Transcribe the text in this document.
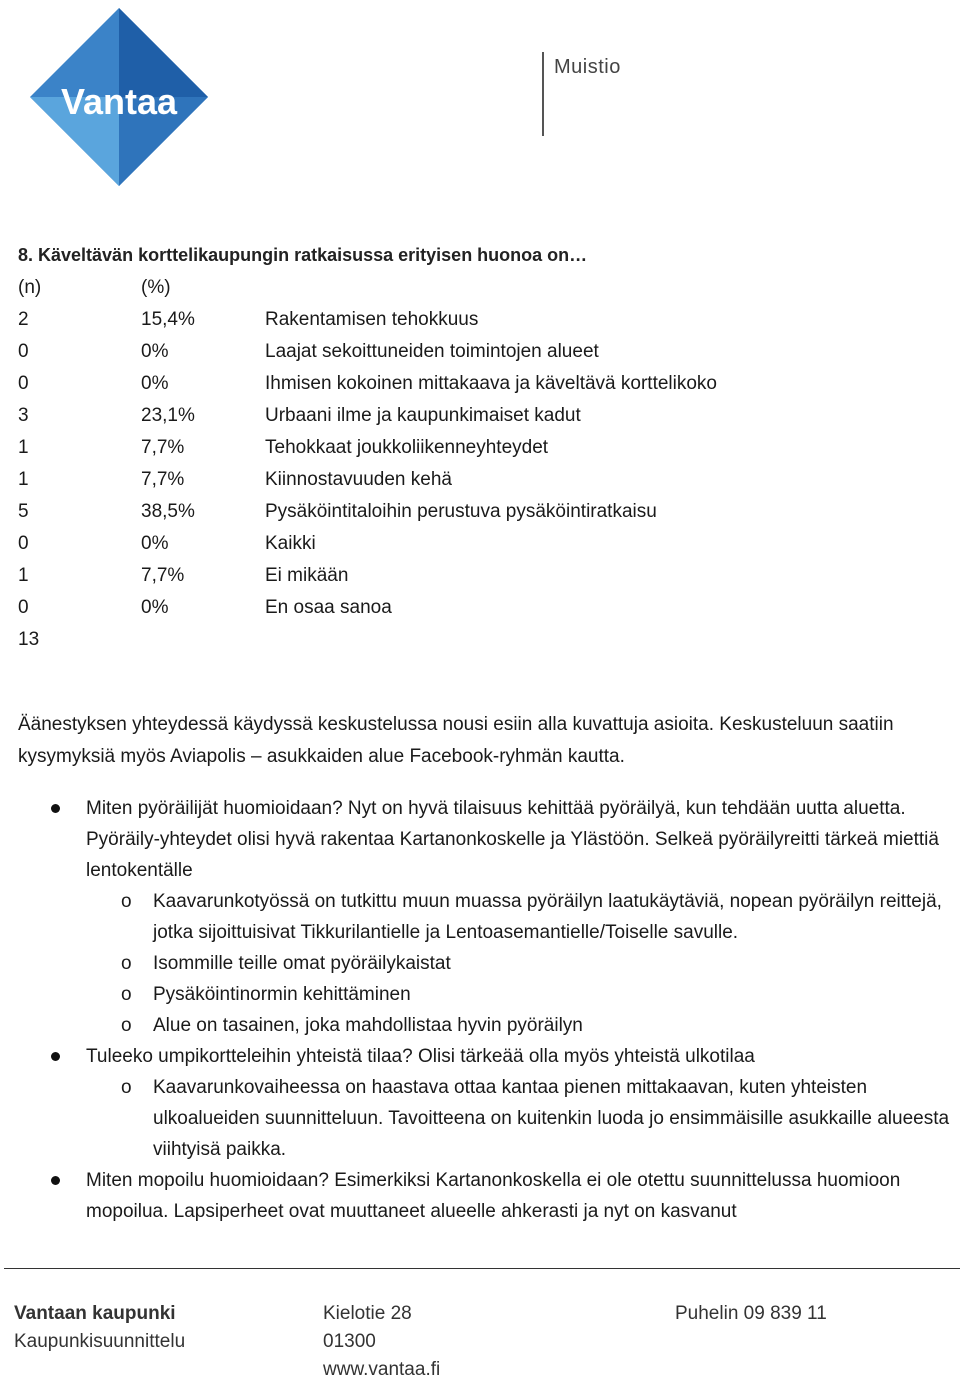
Vantaa
Muistio
8. Käveltävän korttelikaupungin ratkaisussa erityisen huonoa on…
(n)	(%)
2	15,4%	Rakentamisen tehokkuus
0	0%	Laajat sekoittuneiden toimintojen alueet
0	0%	Ihmisen kokoinen mittakaava ja käveltävä korttelikoko
3	23,1%	Urbaani ilme ja kaupunkimaiset kadut
1	7,7%	Tehokkaat joukkoliikenneyhteydet
1	7,7%	Kiinnostavuuden kehä
5	38,5%	Pysäköintitaloihin perustuva pysäköintiratkaisu
0	0%	Kaikki
1	7,7%	Ei mikään
0	0%	En osaa sanoa
13

Äänestyksen yhteydessä käydyssä keskustelussa nousi esiin alla kuvattuja asioita. Keskusteluun saatiin kysymyksiä myös Aviapolis – asukkaiden alue Facebook-ryhmän kautta.

Miten pyöräilijät huomioidaan? Nyt on hyvä tilaisuus kehittää pyöräilyä, kun tehdään uutta aluetta. Pyöräily-yhteydet olisi hyvä rakentaa Kartanonkoskelle ja Ylästöön. Selkeä pyöräilyreitti tärkeä miettiä lentokentälle
o Kaavarunkotyössä on tutkittu muun muassa pyöräilyn laatukäytäviä, nopean pyöräilyn reittejä, jotka sijoittuisivat Tikkurilantielle ja Lentoasemantielle/Toiselle savulle.
o Isommille teille omat pyöräilykaistat
o Pysäköintinormin kehittäminen
o Alue on tasainen, joka mahdollistaa hyvin pyöräilyn
Tuleeko umpikortteleihin yhteistä tilaa? Olisi tärkeää olla myös yhteistä ulkotilaa
o Kaavarunkovaiheessa on haastava ottaa kantaa pienen mittakaavan, kuten yhteisten ulkoalueiden suunnitteluun. Tavoitteena on kuitenkin luoda jo ensimmäisille asukkaille alueesta viihtyisä paikka.
Miten mopoilu huomioidaan? Esimerkiksi Kartanonkoskella ei ole otettu suunnittelussa huomioon mopoilua. Lapsiperheet ovat muuttaneet alueelle ahkerasti ja nyt on kasvanut
Vantaan kaupunki
Kaupunkisuunnittelu
Kielotie 28
01300
www.vantaa.fi
Puhelin 09 839 11
